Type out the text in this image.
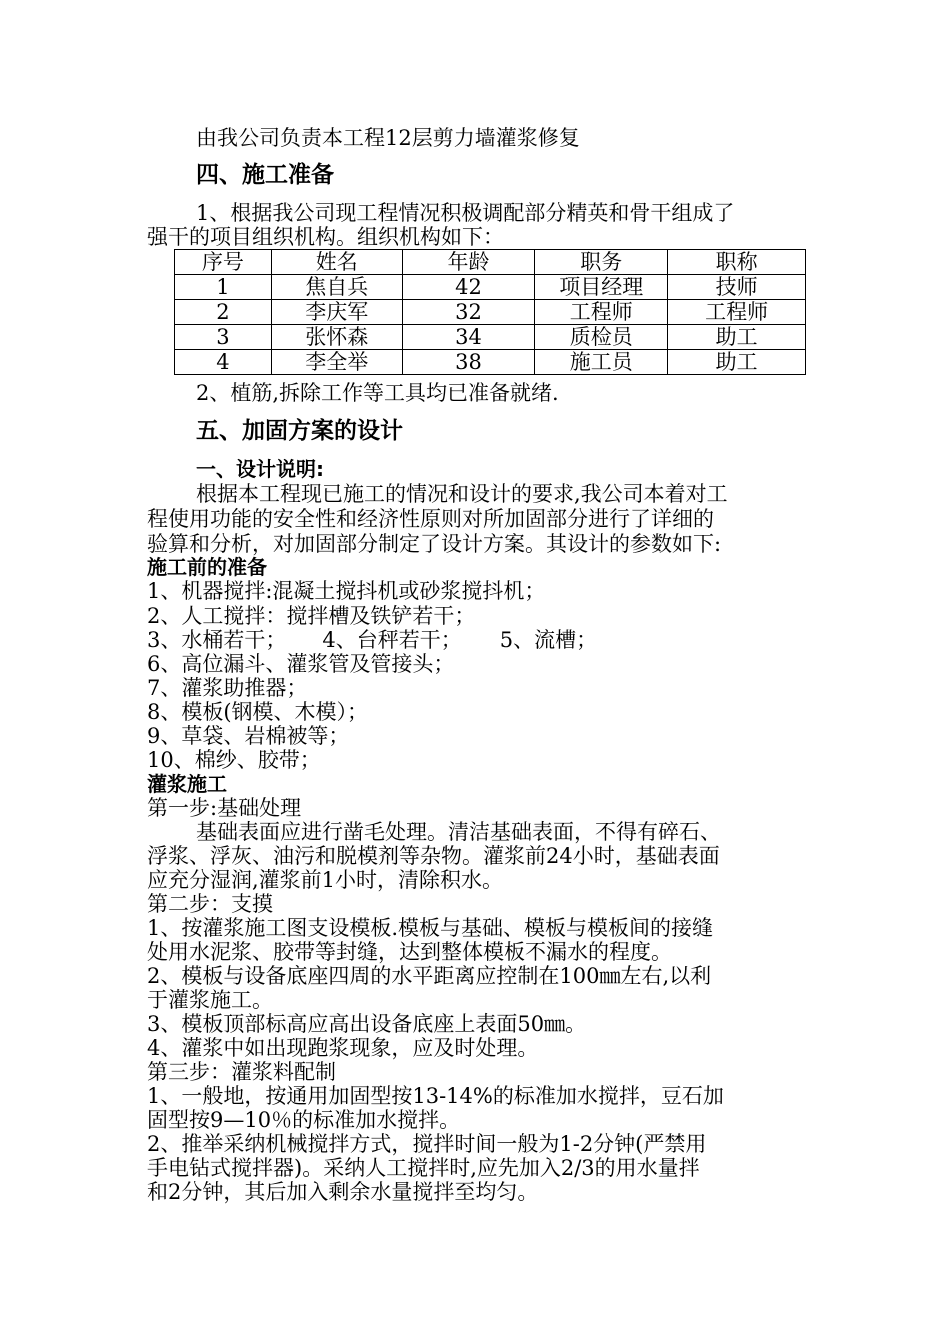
由我公司负责本工程12层剪力墙灌浆修复
四、施工准备
1、根据我公司现工程情况积极调配部分精英和骨干组成了
强干的项目组织机构。组织机构如下：
序号	姓名	年龄	职务	职称
1	焦自兵	42	项目经理	技师
2	李庆军	32	工程师	工程师
3	张怀森	34	质检员	助工
4	李全举	38	施工员	助工
2、植筋,拆除工作等工具均已准备就绪.
五、加固方案的设计
一、设计说明:
根据本工程现已施工的情况和设计的要求,我公司本着对工
程使用功能的安全性和经济性原则对所加固部分进行了详细的
验算和分析，对加固部分制定了设计方案。其设计的参数如下:
施工前的准备
1、机器搅拌:混凝土搅抖机或砂浆搅抖机；
2、人工搅拌：搅拌槽及铁铲若干；
3、水桶若干； 4、台秤若干； 5、流槽；
6、高位漏斗、灌浆管及管接头；
7、灌浆助推器；
8、模板(钢模、木模）；
9、草袋、岩棉被等；
10、棉纱、胶带；
灌浆施工
第一步:基础处理
基础表面应进行凿毛处理。清洁基础表面，不得有碎石、
浮浆、浮灰、油污和脱模剂等杂物。灌浆前24小时，基础表面
应充分湿润,灌浆前1小时，清除积水。
第二步：支摸
1、按灌浆施工图支设模板.模板与基础、模板与模板间的接缝
处用水泥浆、胶带等封缝，达到整体模板不漏水的程度。
2、模板与设备底座四周的水平距离应控制在100㎜左右,以利
于灌浆施工。
3、模板顶部标高应高出设备底座上表面50㎜。
4、灌浆中如出现跑浆现象，应及时处理。
第三步：灌浆料配制
1、一般地，按通用加固型按13-14%的标准加水搅拌，豆石加
固型按9—10％的标准加水搅拌。
2、推举采纳机械搅拌方式，搅拌时间一般为1-2分钟(严禁用
手电钻式搅拌器)。采纳人工搅拌时,应先加入2/3的用水量拌
和2分钟，其后加入剩余水量搅拌至均匀。
